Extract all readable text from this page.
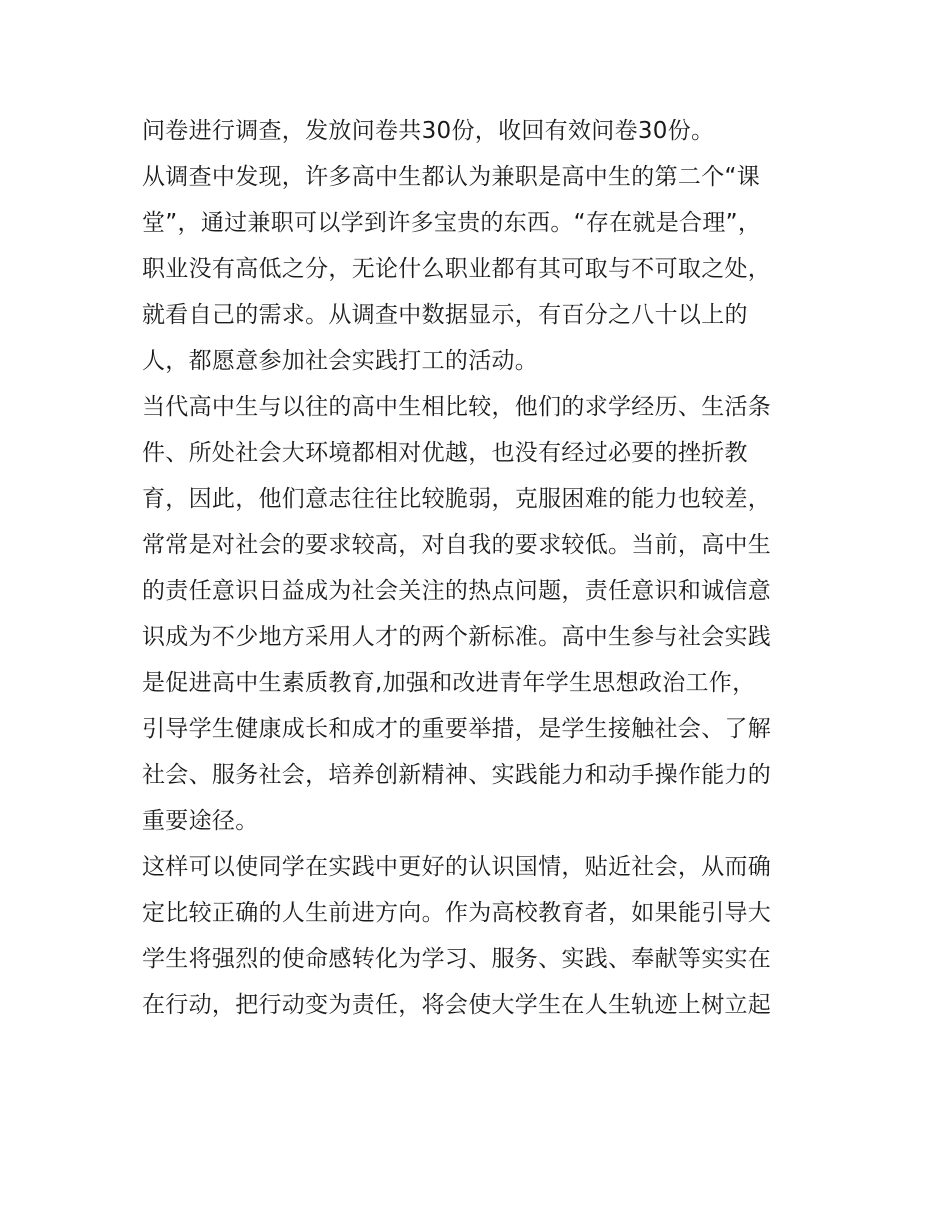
问卷进行调查，发放问卷共30份，收回有效问卷30份。
从调查中发现，许多高中生都认为兼职是高中生的第二个“课
堂”，通过兼职可以学到许多宝贵的东西。“存在就是合理”，
职业没有高低之分，无论什么职业都有其可取与不可取之处，
就看自己的需求。从调查中数据显示，有百分之八十以上的
人，都愿意参加社会实践打工的活动。
当代高中生与以往的高中生相比较，他们的求学经历、生活条
件、所处社会大环境都相对优越，也没有经过必要的挫折教
育，因此，他们意志往往比较脆弱，克服困难的能力也较差，
常常是对社会的要求较高，对自我的要求较低。当前，高中生
的责任意识日益成为社会关注的热点问题，责任意识和诚信意
识成为不少地方采用人才的两个新标准。高中生参与社会实践
是促进高中生素质教育,加强和改进青年学生思想政治工作，
引导学生健康成长和成才的重要举措，是学生接触社会、了解
社会、服务社会，培养创新精神、实践能力和动手操作能力的
重要途径。
这样可以使同学在实践中更好的认识国情，贴近社会，从而确
定比较正确的人生前进方向。作为高校教育者，如果能引导大
学生将强烈的使命感转化为学习、服务、实践、奉献等实实在
在行动，把行动变为责任，将会使大学生在人生轨迹上树立起
